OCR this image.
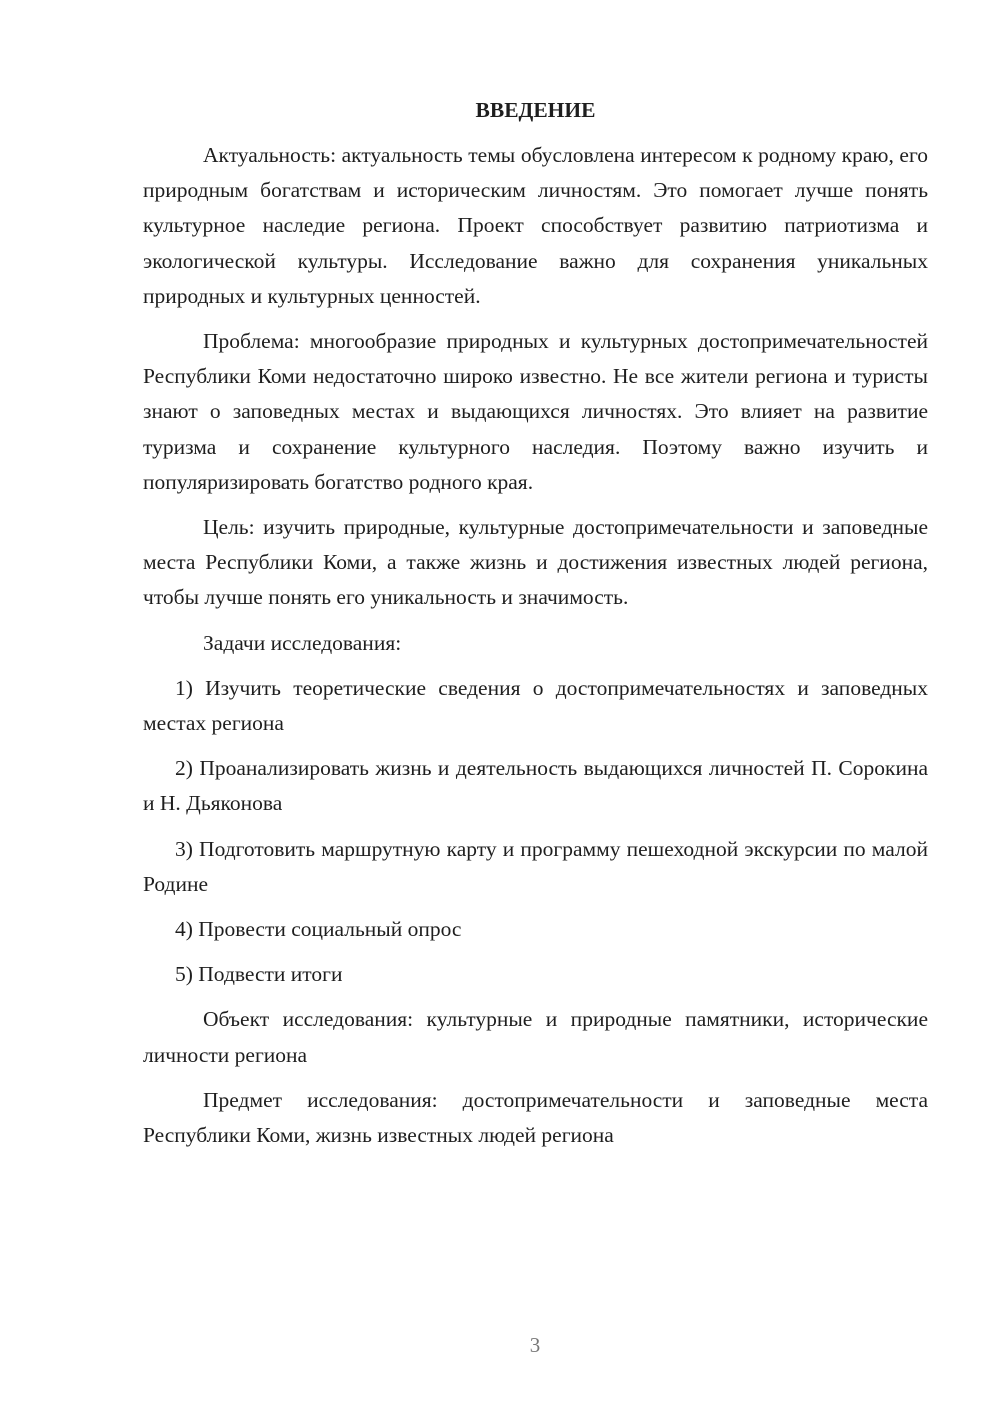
ВВЕДЕНИЕ

Актуальность: актуальность темы обусловлена интересом к родному краю, его природным богатствам и историческим личностям. Это помогает лучше понять культурное наследие региона. Проект способствует развитию патриотизма и экологической культуры. Исследование важно для сохранения уникальных природных и культурных ценностей.

Проблема: многообразие природных и культурных достопримечательностей Республики Коми недостаточно широко известно. Не все жители региона и туристы знают о заповедных местах и выдающихся личностях. Это влияет на развитие туризма и сохранение культурного наследия. Поэтому важно изучить и популяризировать богатство родного края.

Цель: изучить природные, культурные достопримечательности и заповедные места Республики Коми, а также жизнь и достижения известных людей региона, чтобы лучше понять его уникальность и значимость.

Задачи исследования:

1) Изучить теоретические сведения о достопримечательностях и заповедных местах региона

2) Проанализировать жизнь и деятельность выдающихся личностей П. Сорокина и Н. Дьяконова

3) Подготовить маршрутную карту и программу пешеходной экскурсии по малой Родине

4) Провести социальный опрос

5) Подвести итоги

Объект исследования: культурные и природные памятники, исторические личности региона

Предмет исследования: достопримечательности и заповедные места Республики Коми, жизнь известных людей региона

3
